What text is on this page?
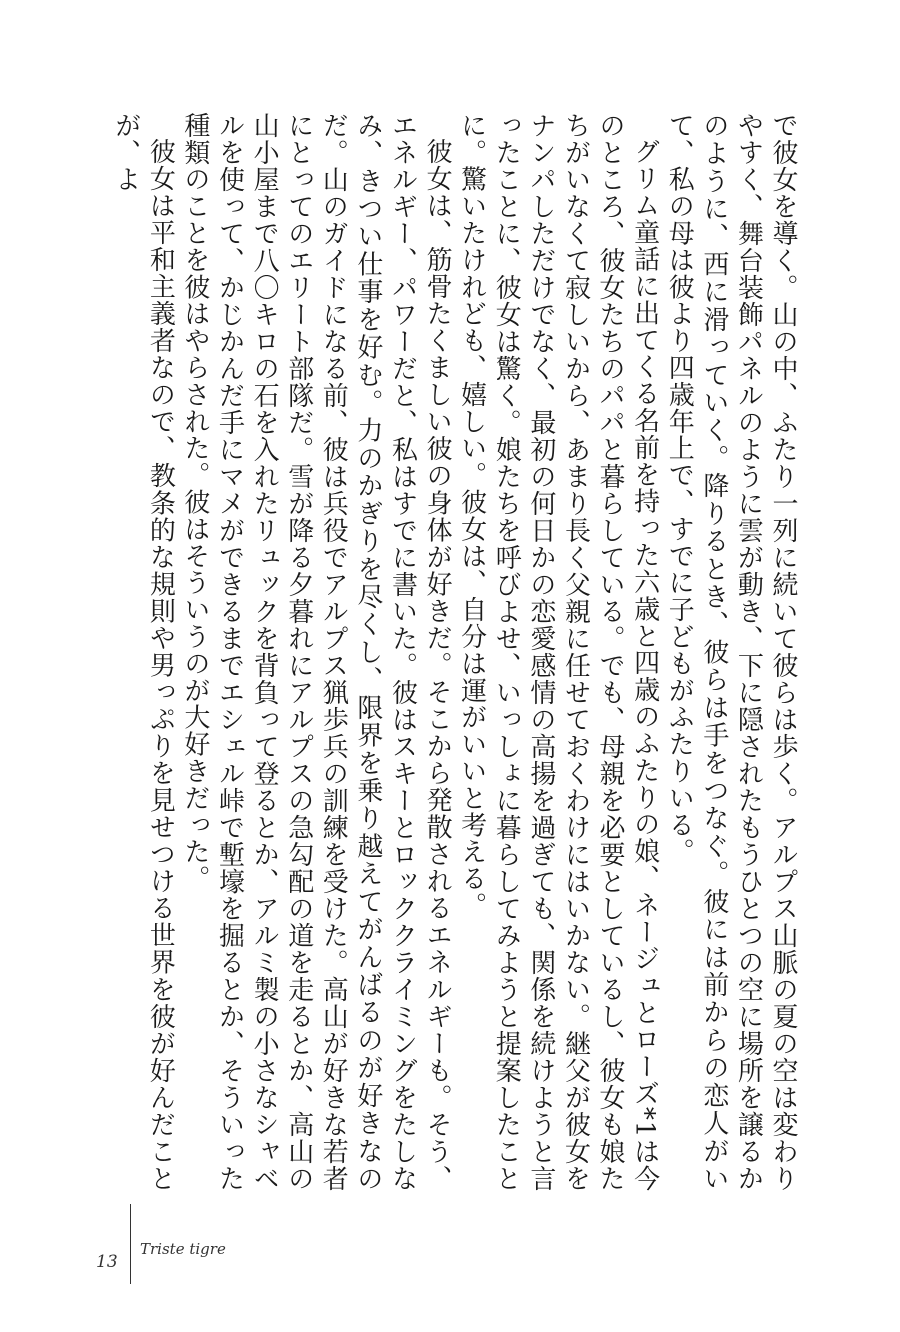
で彼女を導く。山の中、ふたり一列に続いて彼らは歩く。アルプス山脈の夏の空は変わりやすく、舞台装飾パネルのように雲が動き、下に隠されたもうひとつの空に場所を譲るかのように、西に滑っていく。降りるとき、彼らは手をつなぐ。彼には前からの恋人がいて、私の母は彼より四歳年上で、すでに子どもがふたりいる。

グリム童話に出てくる名前を持った六歳と四歳のふたりの娘、ネージュとローズ*1は今のところ、彼女たちのパパと暮らしている。でも、母親を必要としているし、彼女も娘たちがいなくて寂しいから、あまり長く父親に任せておくわけにはいかない。継父が彼女をナンパしただけでなく、最初の何日かの恋愛感情の高揚を過ぎても、関係を続けようと言ったことに、彼女は驚く。娘たちを呼びよせ、いっしょに暮らしてみようと提案したことに。驚いたけれども、嬉しい。彼女は、自分は運がいいと考える。

彼女は、筋骨たくましい彼の身体が好きだ。そこから発散されるエネルギーも。そう、エネルギー、パワーだと、私はすでに書いた。彼はスキーとロッククライミングをたしなみ、きつい仕事を好む。力のかぎりを尽くし、限界を乗り越えてがんばるのが好きなのだ。山のガイドになる前、彼は兵役でアルプス猟歩兵の訓練を受けた。高山が好きな若者にとってのエリート部隊だ。雪が降る夕暮れにアルプスの急勾配の道を走るとか、高山の山小屋まで八〇キロの石を入れたリュックを背負って登るとか、アルミ製の小さなシャベルを使って、かじかんだ手にマメができるまでエシェル峠で塹壕を掘るとか、そういった種類のことを彼はやらされた。彼はそういうのが大好きだった。

彼女は平和主義者なので、教条的な規則や男っぷりを見せつける世界を彼が好んだことが、よ

13
Triste tigre
